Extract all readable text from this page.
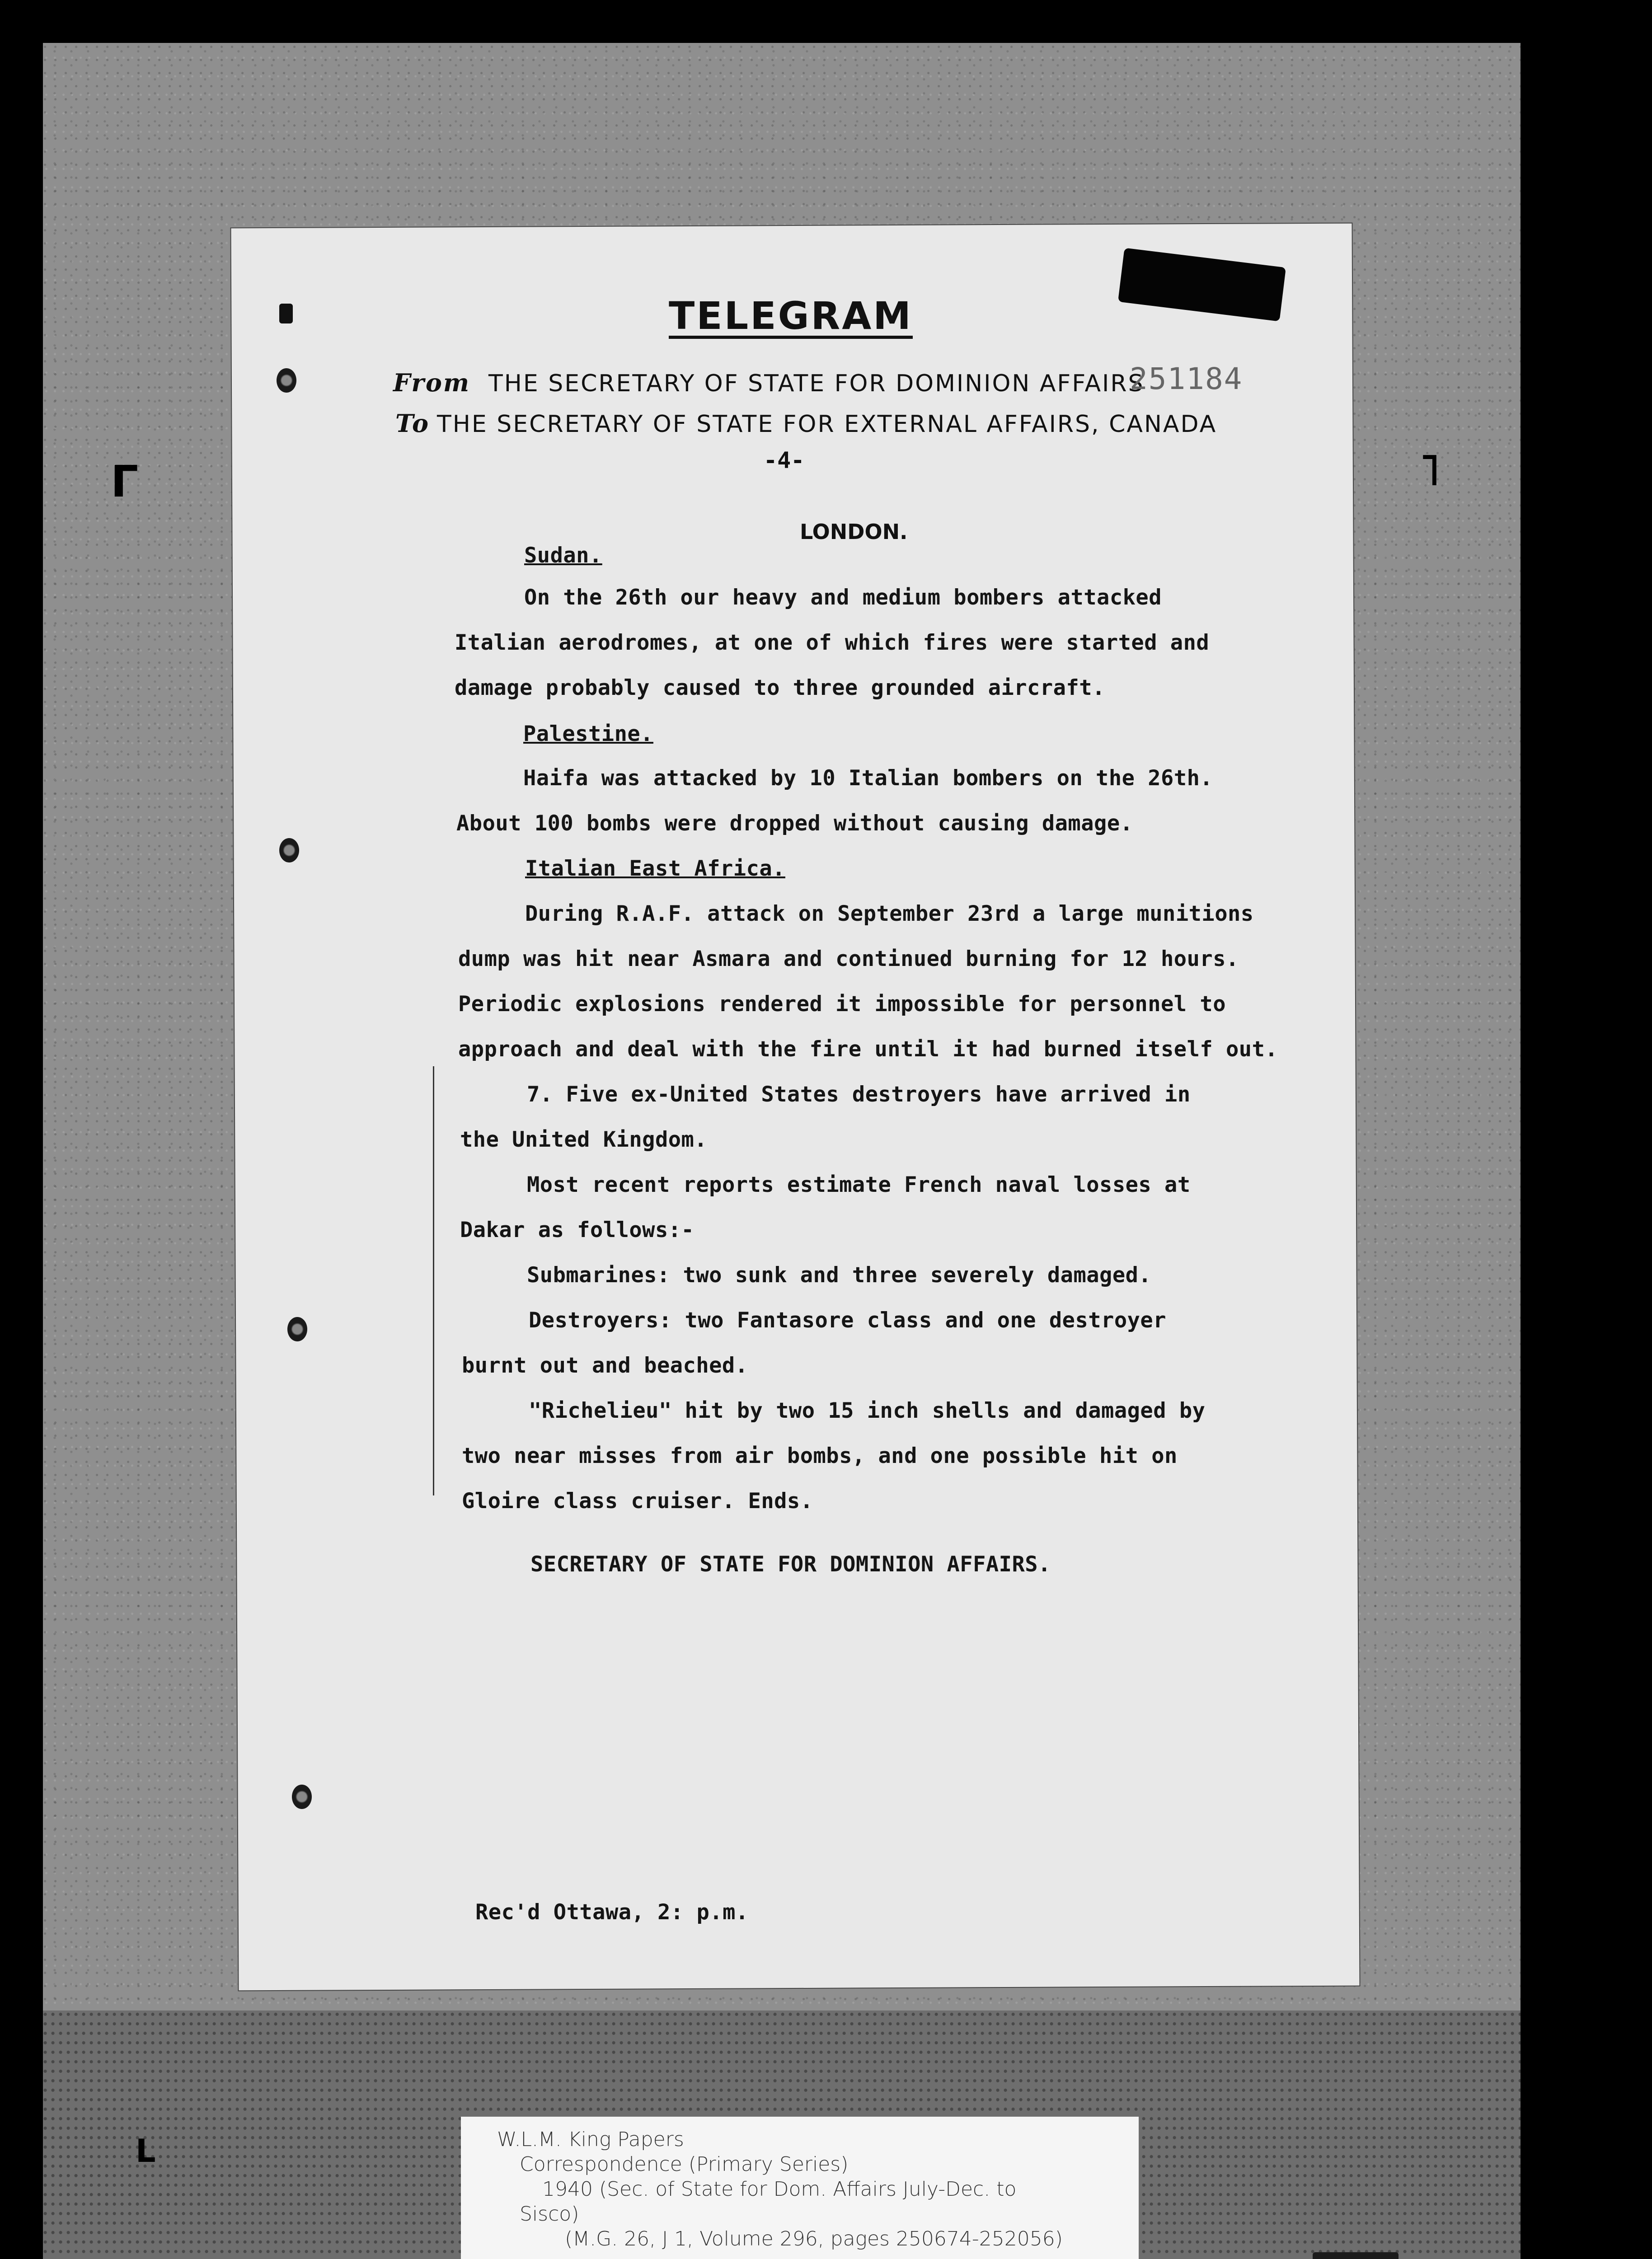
Γ	˥
L
TELEGRAM
From THE SECRETARY OF STATE FOR DOMINION AFFAIRS
251184
To THE SECRETARY OF STATE FOR EXTERNAL AFFAIRS, CANADA
-4-
LONDON.
Sudan.
On the 26th our heavy and medium bombers attacked
Italian aerodromes, at one of which fires were started and
damage probably caused to three grounded aircraft.
Palestine.
Haifa was attacked by 10 Italian bombers on the 26th.
About 100 bombs were dropped without causing damage.
Italian East Africa.
During R.A.F. attack on September 23rd a large munitions
dump was hit near Asmara and continued burning for 12 hours.
Periodic explosions rendered it impossible for personnel to
approach and deal with the fire until it had burned itself out.
7. Five ex-United States destroyers have arrived in
the United Kingdom.
Most recent reports estimate French naval losses at
Dakar as follows:-
Submarines: two sunk and three severely damaged.
Destroyers: two Fantasore class and one destroyer
burnt out and beached.
"Richelieu" hit by two 15 inch shells and damaged by
two near misses from air bombs, and one possible hit on
Gloire class cruiser. Ends.
SECRETARY OF STATE FOR DOMINION AFFAIRS.
Rec'd Ottawa, 2: p.m.
W.L.M. King Papers
Correspondence (Primary Series)
1940 (Sec. of State for Dom. Affairs July-Dec. to
Sisco)
(M.G. 26, J 1, Volume 296, pages 250674-252056)
